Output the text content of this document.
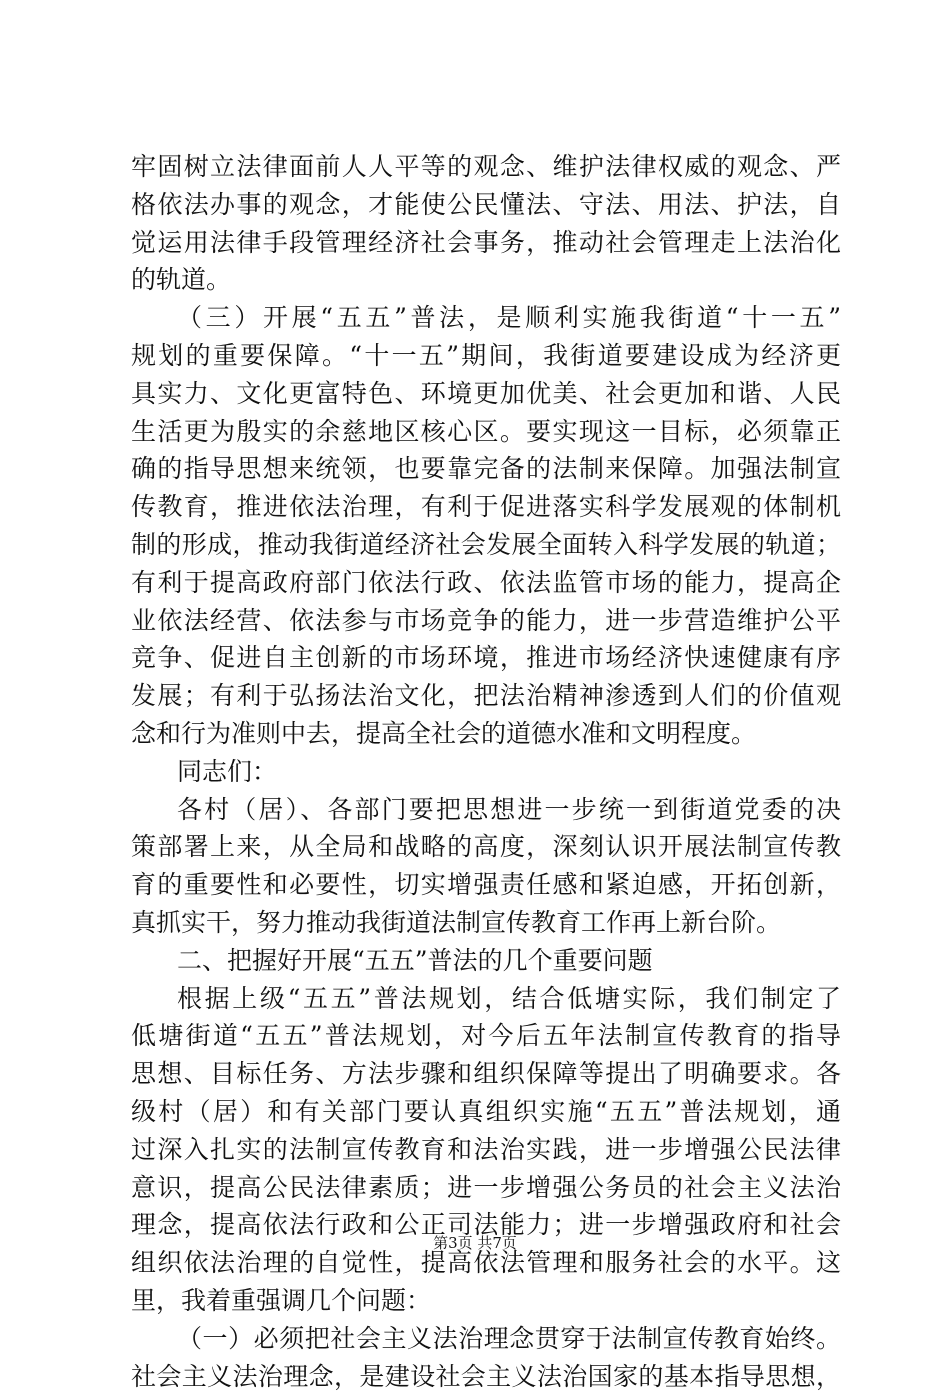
牢固树立法律面前人人平等的观念、维护法律权威的观念、严
格依法办事的观念，才能使公民懂法、守法、用法、护法，自
觉运用法律手段管理经济社会事务，推动社会管理走上法治化
的轨道。
（三）开展“五五”普法，是顺利实施我街道“十一五”
规划的重要保障。“十一五”期间，我街道要建设成为经济更
具实力、文化更富特色、环境更加优美、社会更加和谐、人民
生活更为殷实的余慈地区核心区。要实现这一目标，必须靠正
确的指导思想来统领，也要靠完备的法制来保障。加强法制宣
传教育，推进依法治理，有利于促进落实科学发展观的体制机
制的形成，推动我街道经济社会发展全面转入科学发展的轨道；
有利于提高政府部门依法行政、依法监管市场的能力，提高企
业依法经营、依法参与市场竞争的能力，进一步营造维护公平
竞争、促进自主创新的市场环境，推进市场经济快速健康有序
发展；有利于弘扬法治文化，把法治精神渗透到人们的价值观
念和行为准则中去，提高全社会的道德水准和文明程度。
同志们：
各村（居）、各部门要把思想进一步统一到街道党委的决
策部署上来，从全局和战略的高度，深刻认识开展法制宣传教
育的重要性和必要性，切实增强责任感和紧迫感，开拓创新，
真抓实干，努力推动我街道法制宣传教育工作再上新台阶。
二、把握好开展“五五”普法的几个重要问题
根据上级“五五”普法规划，结合低塘实际，我们制定了
低塘街道“五五”普法规划，对今后五年法制宣传教育的指导
思想、目标任务、方法步骤和组织保障等提出了明确要求。各
级村（居）和有关部门要认真组织实施“五五”普法规划，通
过深入扎实的法制宣传教育和法治实践，进一步增强公民法律
意识，提高公民法律素质；进一步增强公务员的社会主义法治
理念，提高依法行政和公正司法能力；进一步增强政府和社会
组织依法治理的自觉性，提高依法管理和服务社会的水平。这
里，我着重强调几个问题：
（一）必须把社会主义法治理念贯穿于法制宣传教育始终。
社会主义法治理念，是建设社会主义法治国家的基本指导思想，
第3页 共7页
